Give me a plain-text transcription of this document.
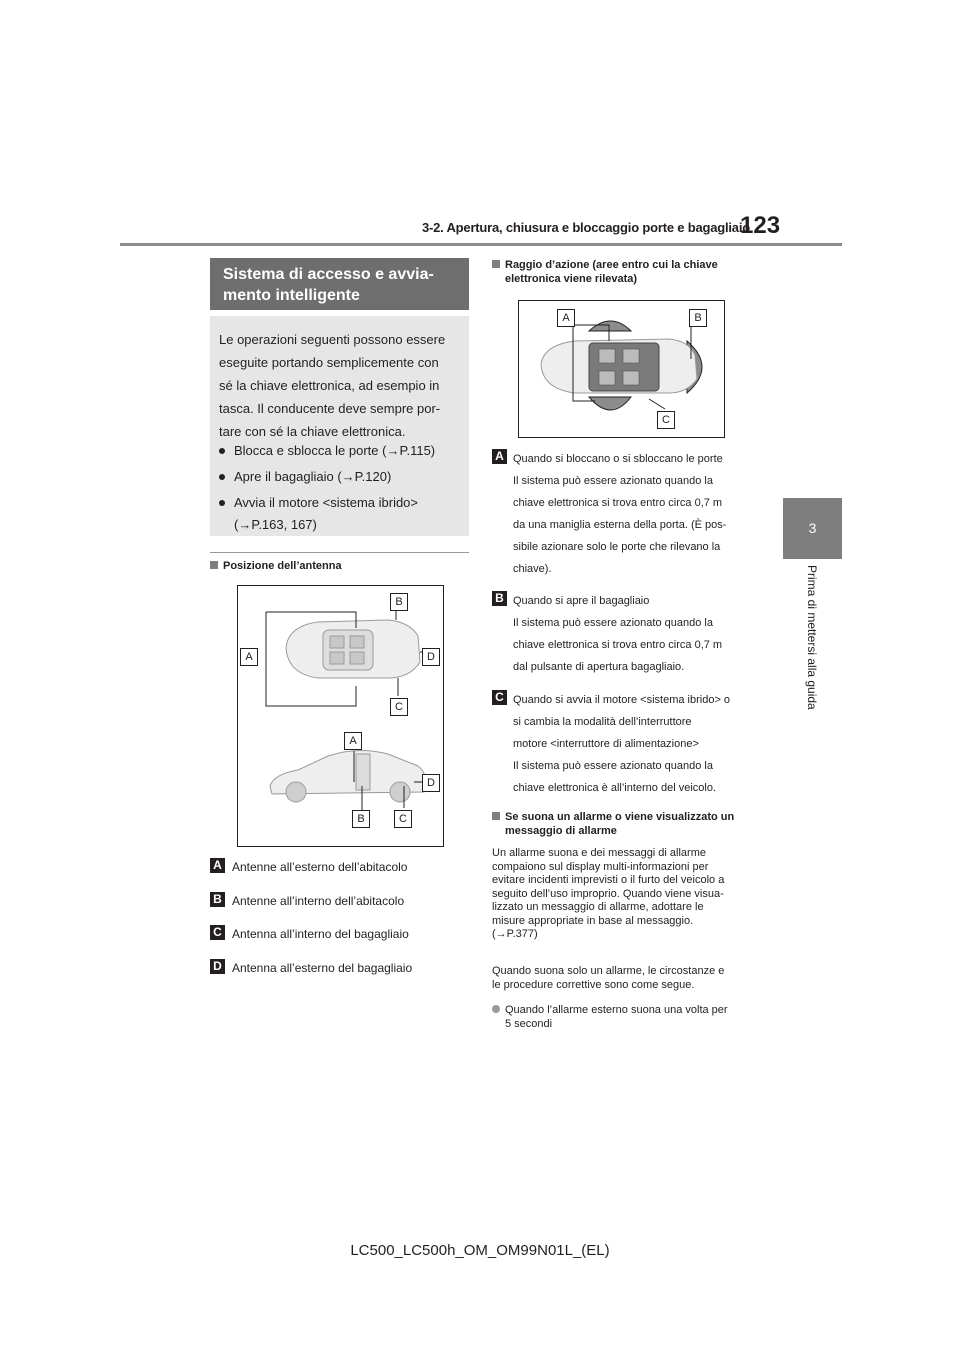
3-2. Apertura, chiusura e bloccaggio porte e bagagliaio
123
3
Prima di mettersi alla guida
Sistema di accesso e avvia-
mento intelligente
Le operazioni seguenti possono essere
eseguite portando semplicemente con
sé la chiave elettronica, ad esempio in
tasca. Il conducente deve sempre por-
tare con sé la chiave elettronica.
Blocca e sblocca le porte (→P.115)
Apre il bagagliaio (→P.120)
Avvia il motore <sistema ibrido>
(→P.163, 167)
Posizione dell’antenna
B
A	D
C
A
D
B	C
A Antenne all’esterno dell’abitacolo
B Antenne all’interno dell’abitacolo
C Antenna all’interno del bagagliaio
D Antenna all’esterno del bagagliaio
Raggio d’azione (aree entro cui la chiave
elettronica viene rilevata)
A	B
C
A Quando si bloccano o si sbloccano le porte
Il sistema può essere azionato quando la
chiave elettronica si trova entro circa 0,7 m
da una maniglia esterna della porta. (È pos-
sibile azionare solo le porte che rilevano la
chiave).
B Quando si apre il bagagliaio
Il sistema può essere azionato quando la
chiave elettronica si trova entro circa 0,7 m
dal pulsante di apertura bagagliaio.
C Quando si avvia il motore <sistema ibrido> o
si cambia la modalità dell’interruttore
motore <interruttore di alimentazione>
Il sistema può essere azionato quando la
chiave elettronica è all’interno del veicolo.
Se suona un allarme o viene visualizzato un
messaggio di allarme
Un allarme suona e dei messaggi di allarme
compaiono sul display multi-informazioni per
evitare incidenti imprevisti o il furto del veicolo a
seguito dell’uso improprio. Quando viene visua-
lizzato un messaggio di allarme, adottare le
misure appropriate in base al messaggio.
(→P.377)
Quando suona solo un allarme, le circostanze e
le procedure correttive sono come segue.
Quando l’allarme esterno suona una volta per
5 secondi
LC500_LC500h_OM_OM99N01L_(EL)
